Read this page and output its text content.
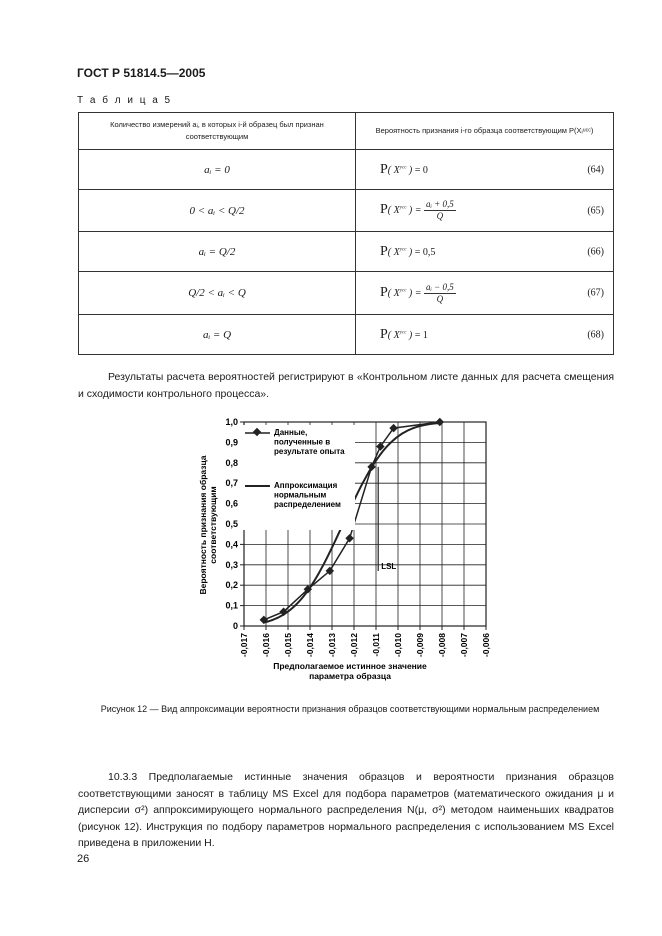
ГОСТ Р 51814.5—2005
Т а б л и ц а 5
Количество измерений aᵢ, в которых i-й образец был признан соответствующим	Вероятность признания i-го образца соответствующим P(Xᵢᵘᶜᶜ)
aᵢ = 0	P( $X^{усс}$ ) = 0 (64)

0 < aᵢ < Q/2	P( $X^{усс}$ ) = $\frac{\text{aᵢ + 0,5}}{Q} (65)$

aᵢ = Q/2	P( $X^{усс}$ ) = 0,5 (66)

Q/2 < aᵢ < Q	P( $X^{усс}$ ) = $\frac{\text{aᵢ − 0,5}}{Q} (67)$

aᵢ = Q	P( $X^{усс}$ ) = 1 (68)
Результаты расчета вероятностей регистрируют в «Контрольном листе данных для расчета смещения и сходимости контрольного процесса».
0
0,1
0,2
0,3
0,4
0,5
0,6
0,7
0,8
0,9
1,0
-0,017 -0,016 -0,015 -0,014 -0,013 -0,012 -0,011 -0,010 -0,009 -0,008 -0,007 -0,006
LSL
Данные, полученные в результате опыта
Аппроксимация нормальным распределением
Вероятность признания образцасоответствующим
Предполагаемое истинное значение параметра образца
Рисунок 12 — Вид аппроксимации вероятности признания образцов соответствующими нормальным распределением
10.3.3 Предполагаемые истинные значения образцов и вероятности признания образцов соответствующими заносят в таблицу MS Excel для подбора параметров (математического ожидания μ и дисперсии σ²) аппроксимирующего нормального распределения N(μ, σ²) методом наименьших квадратов (рисунок 12). Инструкция по подбору параметров нормального распределения с использованием MS Excel приведена в приложении Н.
26
